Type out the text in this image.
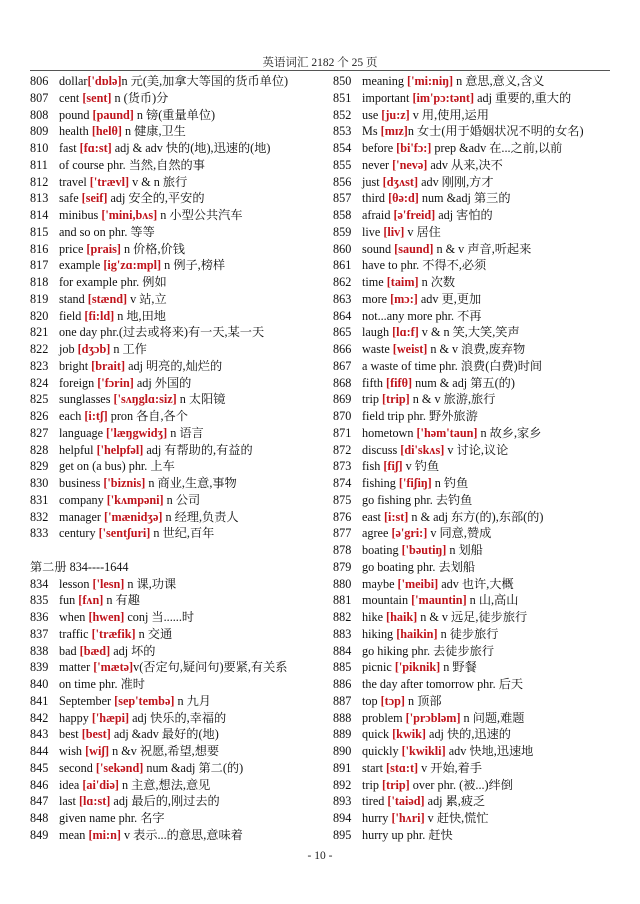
英语词汇 2182 个 25 页
806 dollar['dɒlə]n 元(美,加拿大等国的货币单位)
807 cent [sent] n (货币)分
808 pound [paund] n 镑(重量单位)
809 health [helθ] n 健康,卫生
810 fast [fɑ:st] adj & adv 快的(地),迅速的(地)
811 of course phr. 当然,自然的事
812 travel ['trævl] v & n 旅行
813 safe [seif] adj 安全的,平安的
814 minibus ['mini,bʌs] n 小型公共汽车
815 and so on phr. 等等
816 price [prais] n 价格,价钱
817 example [ig'zɑ:mpl] n 例子,榜样
818 for example phr. 例如
819 stand [stænd] v 站,立
820 field [fi:ld] n 地,田地
821 one day phr.(过去或将来)有一天,某一天
822 job [dʒɔb] n 工作
823 bright [brait] adj 明亮的,灿烂的
824 foreign ['fɔrin] adj 外国的
825 sunglasses ['sʌŋglɑ:siz] n 太阳镜
826 each [i:tʃ] pron 各自,各个
827 language ['læŋgwidʒ] n 语言
828 helpful ['helpfəl] adj 有帮助的,有益的
829 get on (a bus) phr. 上车
830 business ['biznis] n 商业,生意,事物
831 company ['kʌmpəni] n 公司
832 manager ['mænidʒə] n 经理,负责人
833 century ['sentʃuri] n 世纪,百年
第二册 834----1644
834 lesson ['lesn] n 课,功课
835 fun [fʌn] n 有趣
836 when [hwen] conj 当......时
837 traffic ['træfik] n 交通
838 bad [bæd] adj 坏的
839 matter ['mætə]v(否定句,疑问句)要紧,有关系
840 on time phr. 准时
841 September [sep'tembə] n 九月
842 happy ['hæpi] adj 快乐的,幸福的
843 best [best] adj &adv 最好的(地)
844 wish [wiʃ] n &v 祝愿,希望,想要
845 second ['sekənd] num &adj 第二(的)
846 idea [ai'diə] n 主意,想法,意见
847 last [lɑ:st] adj 最后的,刚过去的
848 given name phr. 名字
849 mean [mi:n] v 表示...的意思,意味着
850 meaning ['mi:niŋ] n 意思,意义,含义
851 important [im'pɔ:tənt] adj 重要的,重大的
852 use [ju:z] v 用,使用,运用
853 Ms [mɪz]n 女士(用于婚姻状况不明的女名)
854 before [bi'fɔ:] prep &adv 在...之前,以前
855 never ['nevə] adv 从来,决不
856 just [dʒʌst] adv 刚刚,方才
857 third [θə:d] num &adj 第三的
858 afraid [ə'freid] adj 害怕的
859 live [liv] v 居住
860 sound [saund] n & v 声音,听起来
861 have to phr. 不得不,必须
862 time [taim] n 次数
863 more [mɔ:] adv 更,更加
864 not...any more phr. 不再
865 laugh [lɑ:f] v & n 笑,大笑,笑声
866 waste [weist] n & v 浪费,废弃物
867 a waste of time phr. 浪费(白费)时间
868 fifth [fifθ] num & adj 第五(的)
869 trip [trip] n & v 旅游,旅行
870 field trip phr. 野外旅游
871 hometown ['həm'taun] n 故乡,家乡
872 discuss [di'skʌs] v 讨论,议论
873 fish [fiʃ] v 钓鱼
874 fishing ['fiʃiŋ] n 钓鱼
875 go fishing phr. 去钓鱼
876 east [i:st] n & adj 东方(的),东部(的)
877 agree [ə'gri:] v 同意,赞成
878 boating ['bəutiŋ] n 划船
879 go boating phr. 去划船
880 maybe ['meibi] adv 也许,大概
881 mountain ['mauntin] n 山,高山
882 hike [haik] n & v 远足,徒步旅行
883 hiking [haikin] n 徒步旅行
884 go hiking phr. 去徒步旅行
885 picnic ['piknik] n 野餐
886 the day after tomorrow phr. 后天
887 top [tɔp] n 顶部
888 problem ['prɔbləm] n 问题,难题
889 quick [kwik] adj 快的,迅速的
890 quickly ['kwikli] adv 快地,迅速地
891 start [stɑ:t] v 开始,着手
892 trip [trip] over phr. (被...)绊倒
893 tired ['taiəd] adj 累,疲乏
894 hurry ['hʌri] v 赶快,慌忙
895 hurry up phr. 赶快
- 10 -
